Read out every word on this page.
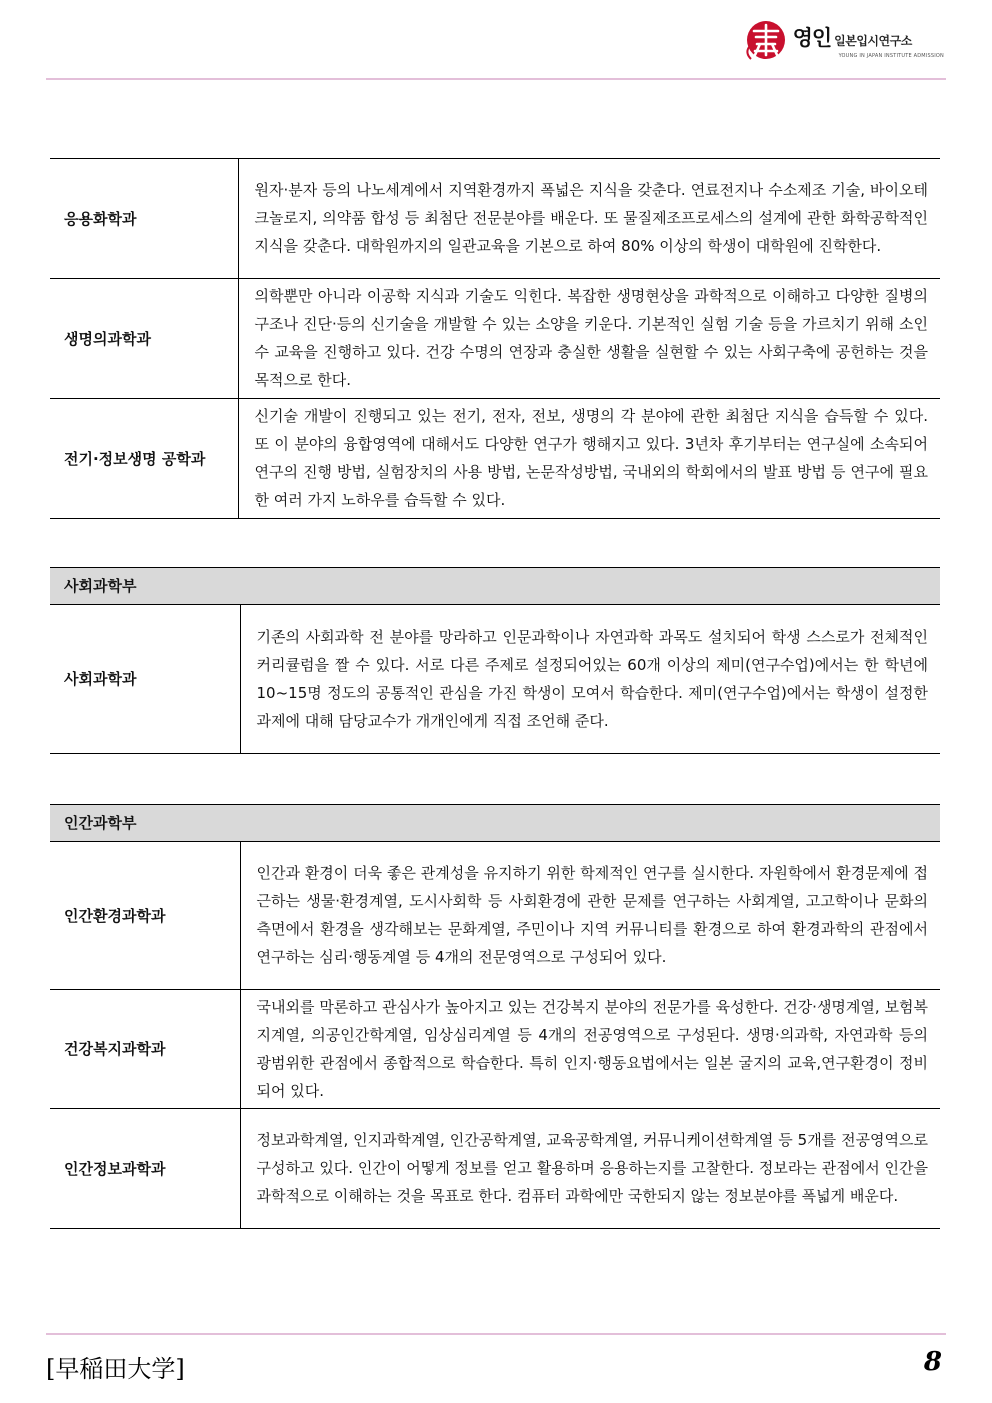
영인 일본입시연구소
YOUNG IN JAPAN INSTITUTE ADMISSION
응용화학과	원자·분자 등의 나노세계에서 지역환경까지 폭넓은 지식을 갖춘다. 연료전지나 수소제조 기술, 바이오테크놀로지, 의약품 합성 등 최첨단 전문분야를 배운다. 또 물질제조프로세스의 설계에 관한 화학공학적인 지식을 갖춘다. 대학원까지의 일관교육을 기본으로 하여 80% 이상의 학생이 대학원에 진학한다.
생명의과학과	의학뿐만 아니라 이공학 지식과 기술도 익힌다. 복잡한 생명현상을 과학적으로 이해하고 다양한 질병의 구조나 진단·등의 신기술을 개발할 수 있는 소양을 키운다. 기본적인 실험 기술 등을 가르치기 위해 소인수 교육을 진행하고 있다. 건강 수명의 연장과 충실한 생활을 실현할 수 있는 사회구축에 공헌하는 것을 목적으로 한다.
전기·정보생명 공학과	신기술 개발이 진행되고 있는 전기, 전자, 전보, 생명의 각 분야에 관한 최첨단 지식을 습득할 수 있다. 또 이 분야의 융합영역에 대해서도 다양한 연구가 행해지고 있다. 3년차 후기부터는 연구실에 소속되어 연구의 진행 방법, 실험장치의 사용 방법, 논문작성방법, 국내외의 학회에서의 발표 방법 등 연구에 필요한 여러 가지 노하우를 습득할 수 있다.
사회과학부
사회과학과	기존의 사회과학 전 분야를 망라하고 인문과학이나 자연과학 과목도 설치되어 학생 스스로가 전체적인 커리큘럼을 짤 수 있다. 서로 다른 주제로 설정되어있는 60개 이상의 제미(연구수업)에서는 한 학년에 10~15명 정도의 공통적인 관심을 가진 학생이 모여서 학습한다. 제미(연구수업)에서는 학생이 설정한 과제에 대해 담당교수가 개개인에게 직접 조언해 준다.
인간과학부	
인간환경과학과	인간과 환경이 더욱 좋은 관계성을 유지하기 위한 학제적인 연구를 실시한다. 자원학에서 환경문제에 접근하는 생물·환경계열, 도시사회학 등 사회환경에 관한 문제를 연구하는 사회계열, 고고학이나 문화의 측면에서 환경을 생각해보는 문화계열, 주민이나 지역 커뮤니티를 환경으로 하여 환경과학의 관점에서 연구하는 심리·행동계열 등 4개의 전문영역으로 구성되어 있다.
건강복지과학과	국내외를 막론하고 관심사가 높아지고 있는 건강복지 분야의 전문가를 육성한다. 건강·생명계열, 보험복지계열, 의공인간학계열, 임상심리계열 등 4개의 전공영역으로 구성된다. 생명·의과학, 자연과학 등의 광범위한 관점에서 종합적으로 학습한다. 특히 인지·행동요법에서는 일본 굴지의 교육,연구환경이 정비되어 있다.
인간정보과학과	정보과학계열, 인지과학계열, 인간공학계열, 교육공학계열, 커뮤니케이션학계열 등 5개를 전공영역으로 구성하고 있다. 인간이 어떻게 정보를 얻고 활용하며 응용하는지를 고찰한다. 정보라는 관점에서 인간을 과학적으로 이해하는 것을 목표로 한다. 컴퓨터 과학에만 국한되지 않는 정보분야를 폭넓게 배운다.
[早稲田大学]	8
